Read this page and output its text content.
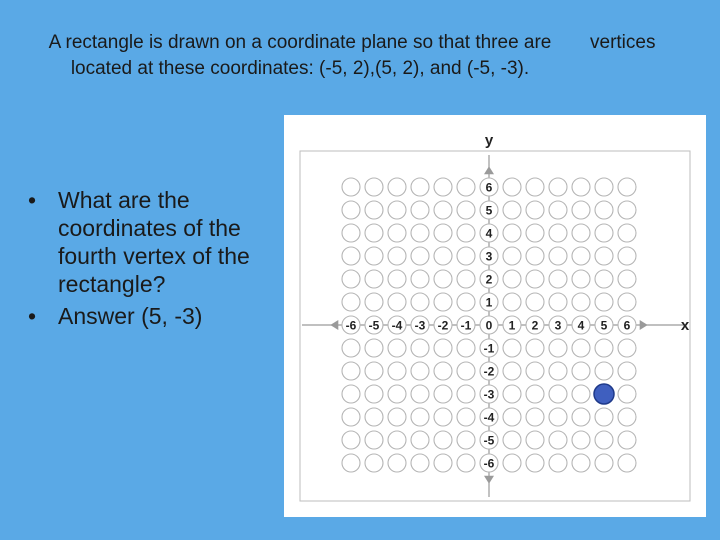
A rectangle is drawn on a coordinate plane so that three are located at these coordinates: (-5, 2),(5, 2), and (-5, -3).
vertices
• What are the coordinates of the fourth vertex of the rectangle?
• Answer (5, -3)	-6 -5 -4 -3 -2 -1 0 1 2 3 4 5 6
6
5
4
3
2
1
-1
-2
-3
-4
-5
-6
y
x
